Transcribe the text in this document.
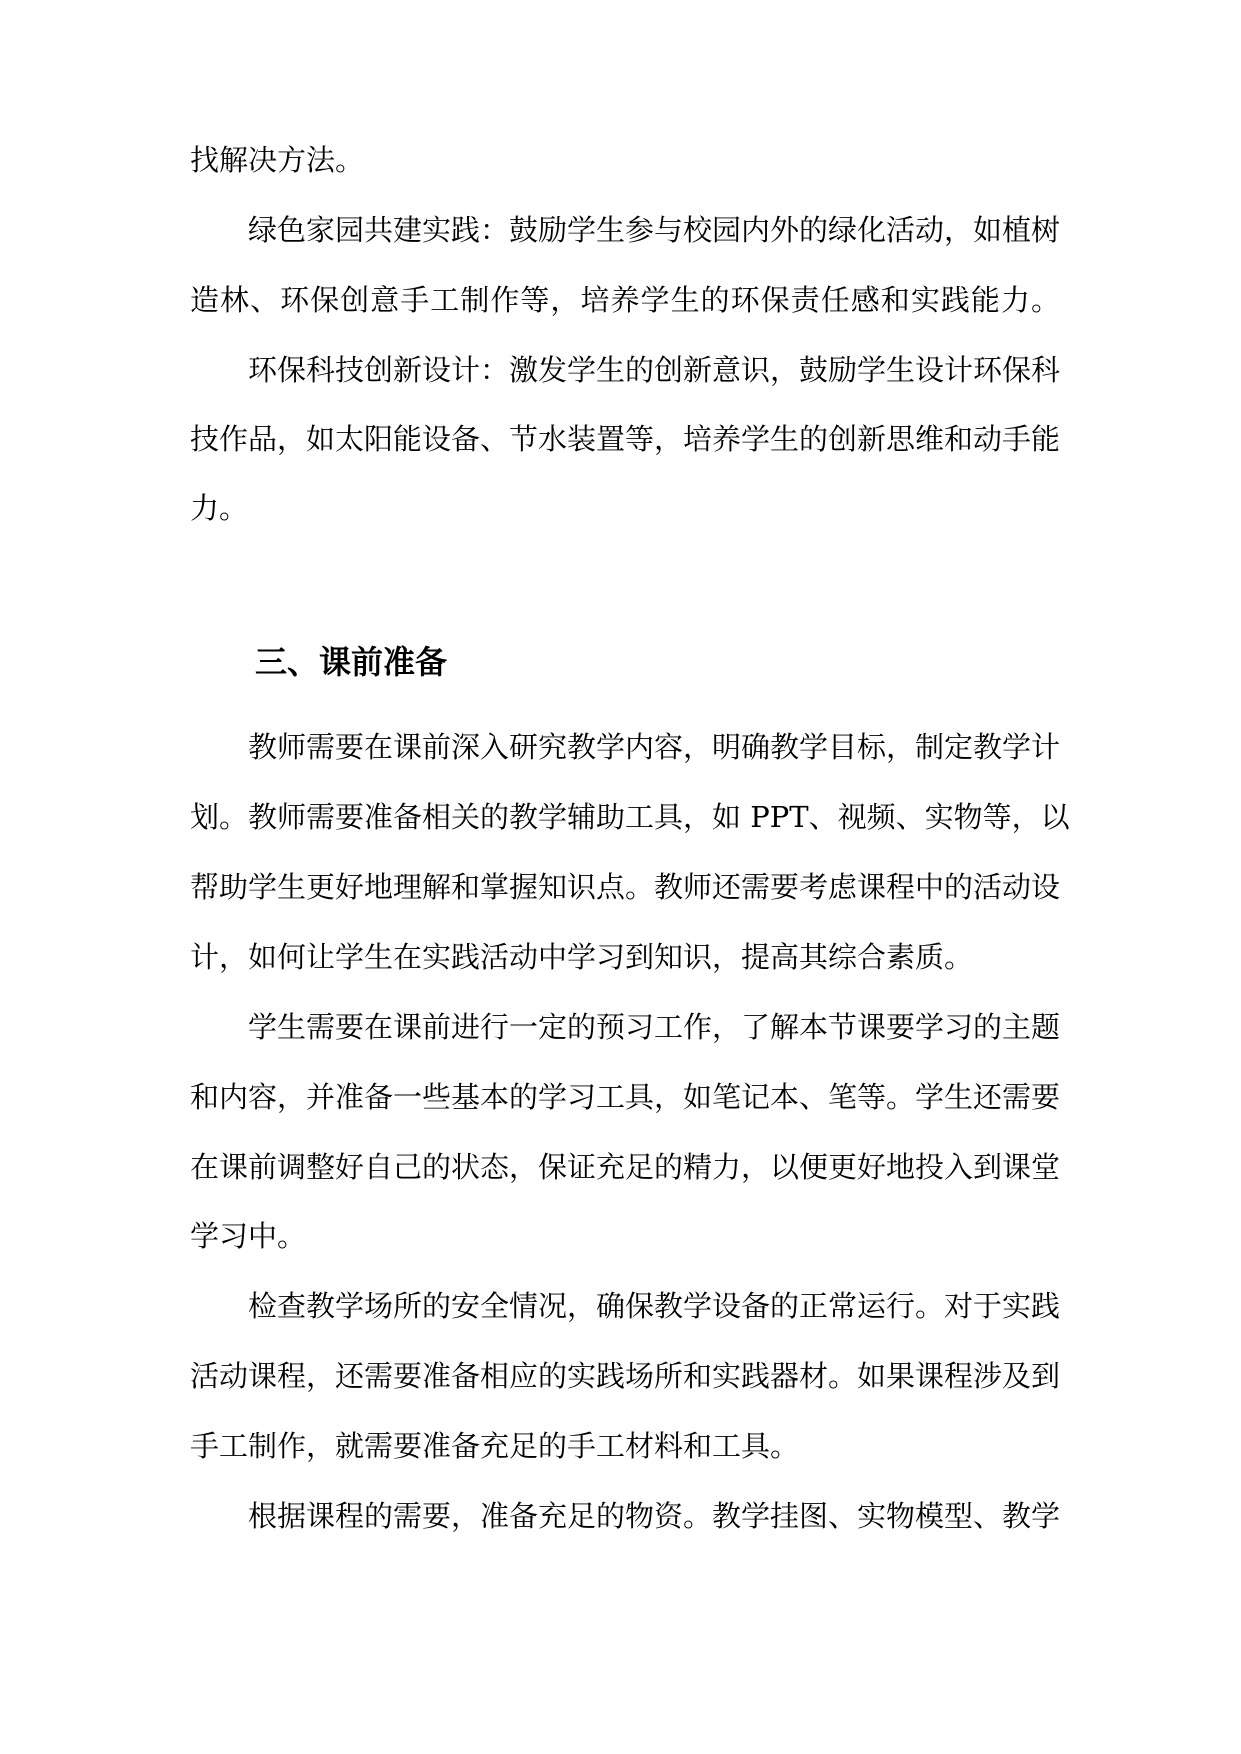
找解决方法。
绿色家园共建实践：鼓励学生参与校园内外的绿化活动，如植树
造林、环保创意手工制作等，培养学生的环保责任感和实践能力。
环保科技创新设计：激发学生的创新意识，鼓励学生设计环保科
技作品，如太阳能设备、节水装置等，培养学生的创新思维和动手能
力。
三、课前准备
教师需要在课前深入研究教学内容，明确教学目标，制定教学计
划。教师需要准备相关的教学辅助工具，如 PPT、视频、实物等，以
帮助学生更好地理解和掌握知识点。教师还需要考虑课程中的活动设
计，如何让学生在实践活动中学习到知识，提高其综合素质。
学生需要在课前进行一定的预习工作，了解本节课要学习的主题
和内容，并准备一些基本的学习工具，如笔记本、笔等。学生还需要
在课前调整好自己的状态，保证充足的精力，以便更好地投入到课堂
学习中。
检查教学场所的安全情况，确保教学设备的正常运行。对于实践
活动课程，还需要准备相应的实践场所和实践器材。如果课程涉及到
手工制作，就需要准备充足的手工材料和工具。
根据课程的需要，准备充足的物资。教学挂图、实物模型、教学
